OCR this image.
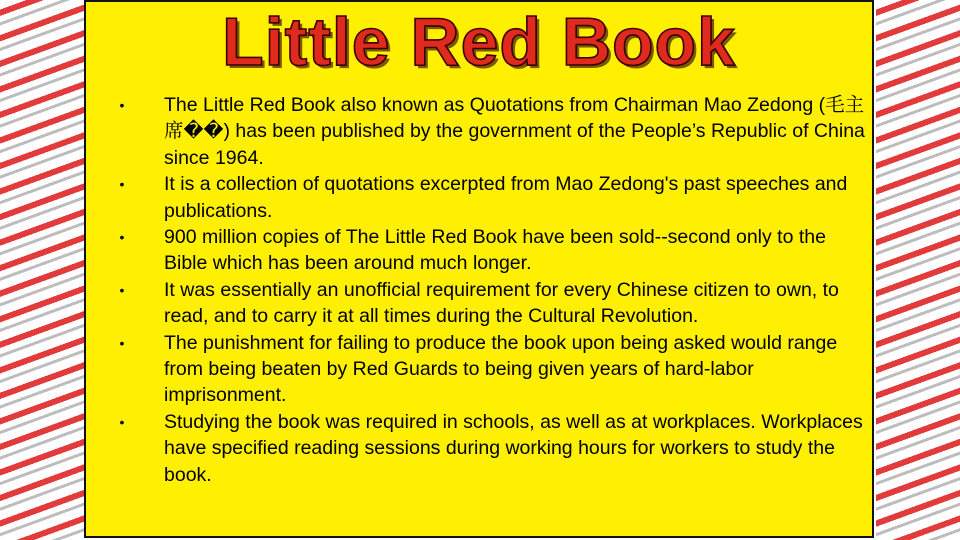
Little Red Book
• The Little Red Book also known as Quotations from Chairman Mao Zedong (毛主席��) has been published by the government of the People’s Republic of China since 1964.
• It is a collection of quotations excerpted from Mao Zedong's past speeches and publications.
• 900 million copies of The Little Red Book have been sold--second only to the Bible which has been around much longer.
• It was essentially an unofficial requirement for every Chinese citizen to own, to read, and to carry it at all times during the Cultural Revolution.
• The punishment for failing to produce the book upon being asked would range from being beaten by Red Guards to being given years of hard-labor imprisonment.
• Studying the book was required in schools, as well as at workplaces. Workplaces have specified reading sessions during working hours for workers to study the book.
